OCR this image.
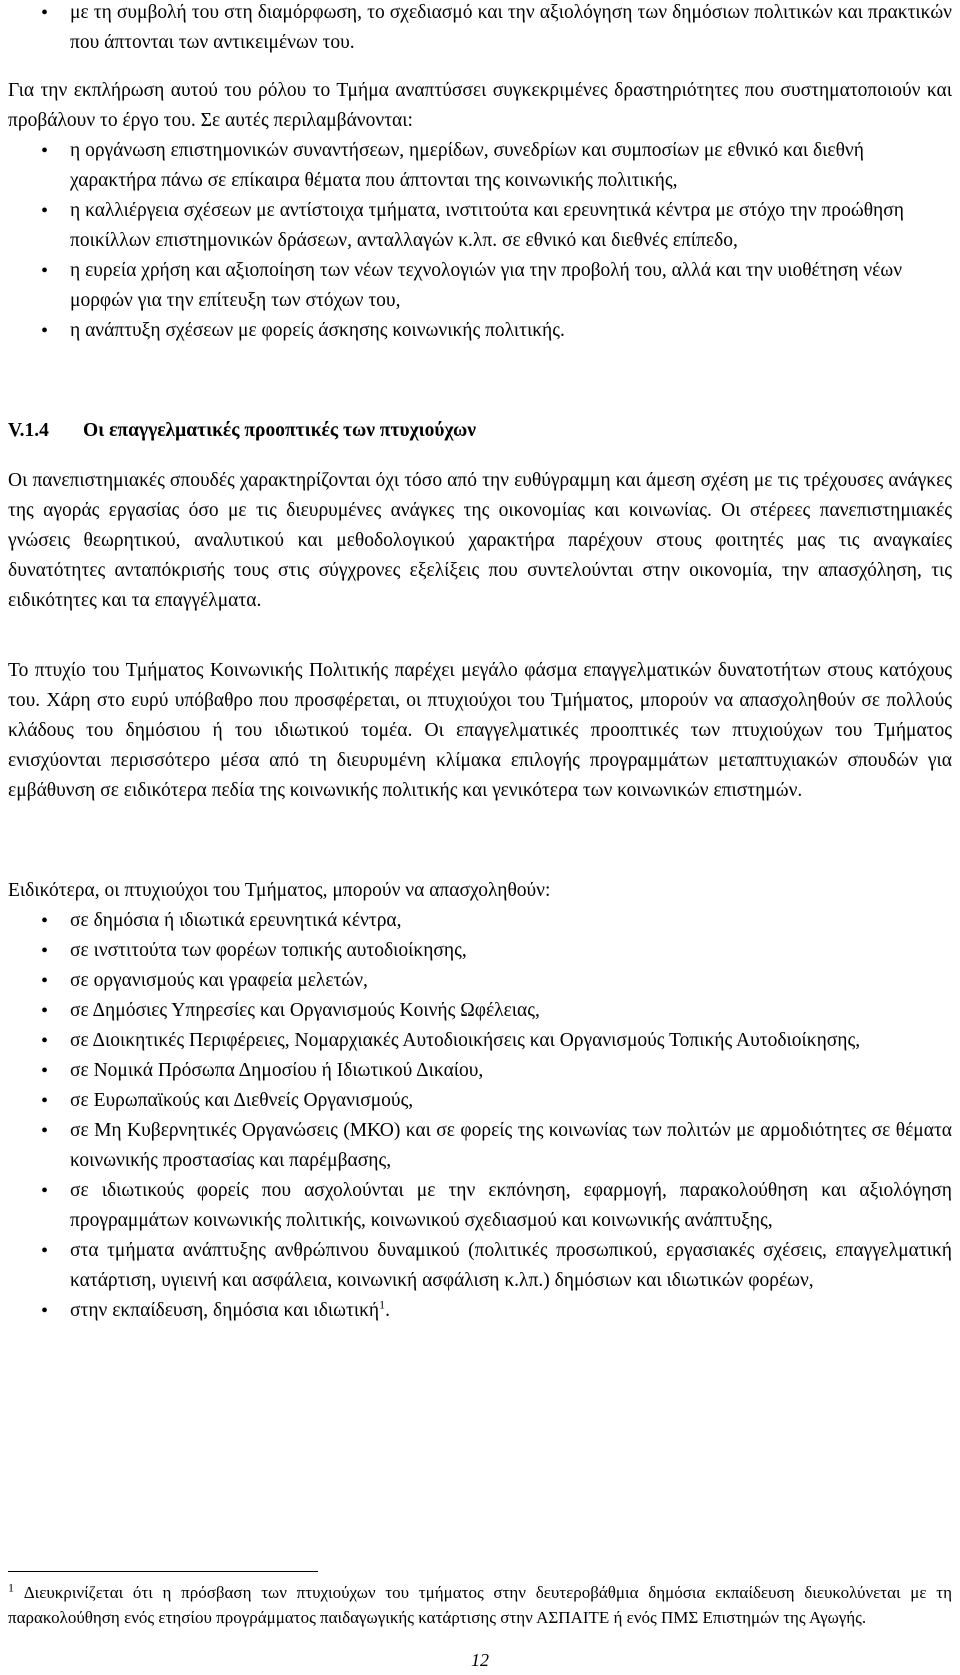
• με τη συμβολή του στη διαμόρφωση, το σχεδιασμό και την αξιολόγηση των δημόσιων πολιτικών και πρακτικών που άπτονται των αντικειμένων του.

Για την εκπλήρωση αυτού του ρόλου το Τμήμα αναπτύσσει συγκεκριμένες δραστηριότητες που συστηματοποιούν και προβάλουν το έργο του. Σε αυτές περιλαμβάνονται:

• η οργάνωση επιστημονικών συναντήσεων, ημερίδων, συνεδρίων και συμποσίων με εθνικό και διεθνή χαρακτήρα πάνω σε επίκαιρα θέματα που άπτονται της κοινωνικής πολιτικής,
• η καλλιέργεια σχέσεων με αντίστοιχα τμήματα, ινστιτούτα και ερευνητικά κέντρα με στόχο την προώθηση ποικίλλων επιστημονικών δράσεων, ανταλλαγών κ.λπ. σε εθνικό και διεθνές επίπεδο,
• η ευρεία χρήση και αξιοποίηση των νέων τεχνολογιών για την προβολή του, αλλά και την υιοθέτηση νέων μορφών για την επίτευξη των στόχων του,
• η ανάπτυξη σχέσεων με φορείς άσκησης κοινωνικής πολιτικής.
V.1.4 Οι επαγγελματικές προοπτικές των πτυχιούχων

Οι πανεπιστημιακές σπουδές χαρακτηρίζονται όχι τόσο από την ευθύγραμμη και άμεση σχέση με τις τρέχουσες ανάγκες της αγοράς εργασίας όσο με τις διευρυμένες ανάγκες της οικονομίας και κοινωνίας. Οι στέρεες πανεπιστημιακές γνώσεις θεωρητικού, αναλυτικού και μεθοδολογικού χαρακτήρα παρέχουν στους φοιτητές μας τις αναγκαίες δυνατότητες ανταπόκρισής τους στις σύγχρονες εξελίξεις που συντελούνται στην οικονομία, την απασχόληση, τις ειδικότητες και τα επαγγέλματα.

Το πτυχίο του Τμήματος Κοινωνικής Πολιτικής παρέχει μεγάλο φάσμα επαγγελματικών δυνατοτήτων στους κατόχους του. Χάρη στο ευρύ υπόβαθρο που προσφέρεται, οι πτυχιούχοι του Τμήματος, μπορούν να απασχοληθούν σε πολλούς κλάδους του δημόσιου ή του ιδιωτικού τομέα. Οι επαγγελματικές προοπτικές των πτυχιούχων του Τμήματος ενισχύονται περισσότερο μέσα από τη διευρυμένη κλίμακα επιλογής προγραμμάτων μεταπτυχιακών σπουδών για εμβάθυνση σε ειδικότερα πεδία της κοινωνικής πολιτικής και γενικότερα των κοινωνικών επιστημών.

Ειδικότερα, οι πτυχιούχοι του Τμήματος, μπορούν να απασχοληθούν:

• σε δημόσια ή ιδιωτικά ερευνητικά κέντρα,
• σε ινστιτούτα των φορέων τοπικής αυτοδιοίκησης,
• σε οργανισμούς και γραφεία μελετών,
• σε Δημόσιες Υπηρεσίες και Οργανισμούς Κοινής Ωφέλειας,
• σε Διοικητικές Περιφέρειες, Νομαρχιακές Αυτοδιοικήσεις και Οργανισμούς Τοπικής Αυτοδιοίκησης,
• σε Νομικά Πρόσωπα Δημοσίου ή Ιδιωτικού Δικαίου,
• σε Ευρωπαϊκούς και Διεθνείς Οργανισμούς,
• σε Μη Κυβερνητικές Οργανώσεις (ΜΚΟ) και σε φορείς της κοινωνίας των πολιτών με αρμοδιότητες σε θέματα κοινωνικής προστασίας και παρέμβασης,
• σε ιδιωτικούς φορείς που ασχολούνται με την εκπόνηση, εφαρμογή, παρακολούθηση και αξιολόγηση προγραμμάτων κοινωνικής πολιτικής, κοινωνικού σχεδιασμού και κοινωνικής ανάπτυξης,
• στα τμήματα ανάπτυξης ανθρώπινου δυναμικού (πολιτικές προσωπικού, εργασιακές σχέσεις, επαγγελματική κατάρτιση, υγιεινή και ασφάλεια, κοινωνική ασφάλιση κ.λπ.) δημόσιων και ιδιωτικών φορέων,
• στην εκπαίδευση, δημόσια και ιδιωτική$^1$.
$^1$ Διευκρινίζεται ότι η πρόσβαση των πτυχιούχων του τμήματος στην δευτεροβάθμια δημόσια εκπαίδευση διευκολύνεται με τη παρακολούθηση ενός ετησίου προγράμματος παιδαγωγικής κατάρτισης στην ΑΣΠΑΙΤΕ ή ενός ΠΜΣ Επιστημών της Αγωγής.
12
